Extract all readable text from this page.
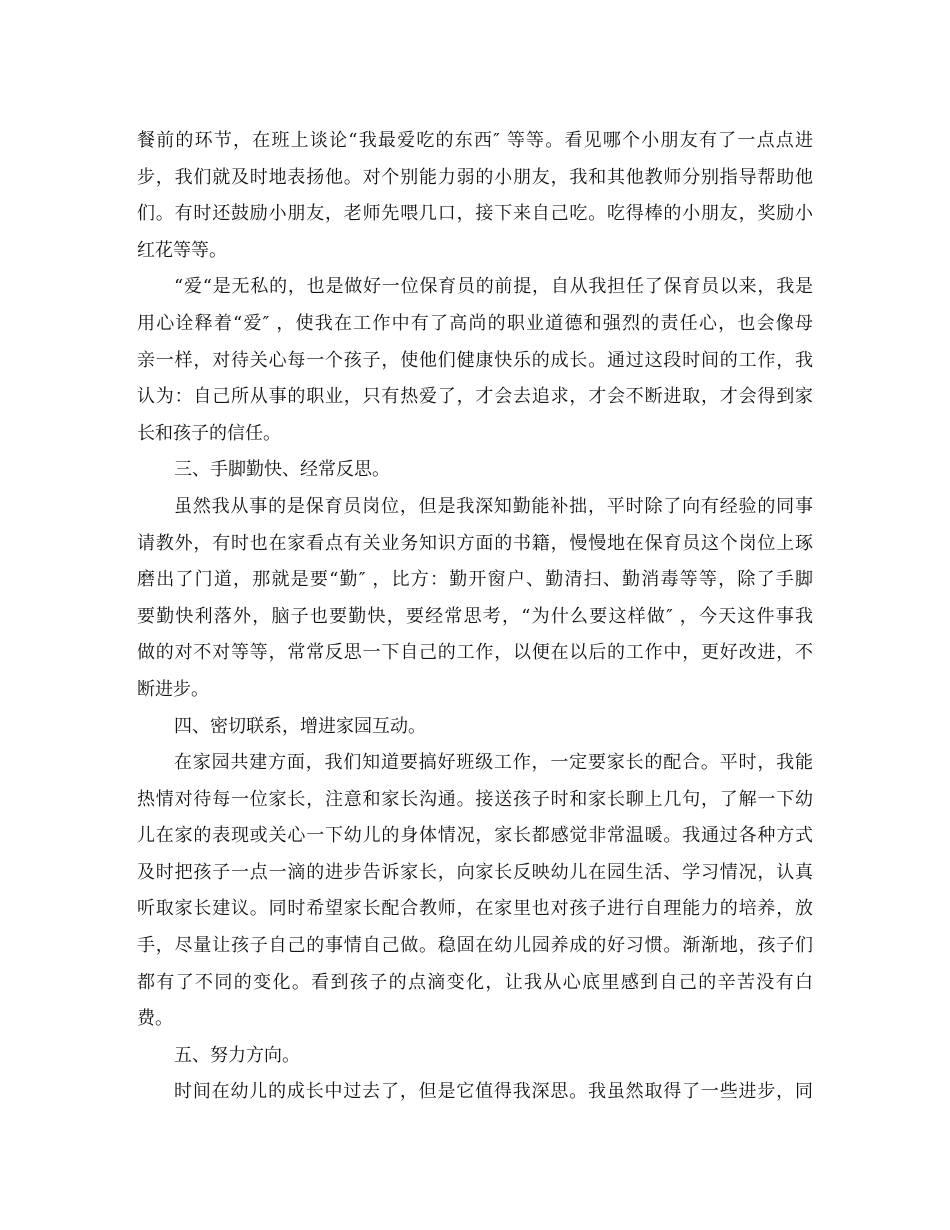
餐前的环节，在班上谈论“我最爱吃的东西″ 等等。看见哪个小朋友有了一点点进
步，我们就及时地表扬他。对个别能力弱的小朋友，我和其他教师分别指导帮助他
们。有时还鼓励小朋友，老师先喂几口，接下来自己吃。吃得棒的小朋友，奖励小
红花等等。
“爱“是无私的，也是做好一位保育员的前提，自从我担任了保育员以来，我是
用心诠释着“爱″ ，使我在工作中有了高尚的职业道德和强烈的责任心，也会像母
亲一样，对待关心每一个孩子，使他们健康快乐的成长。通过这段时间的工作，我
认为：自己所从事的职业，只有热爱了，才会去追求，才会不断进取，才会得到家
长和孩子的信任。
三、手脚勤快、经常反思。
虽然我从事的是保育员岗位，但是我深知勤能补拙，平时除了向有经验的同事
请教外，有时也在家看点有关业务知识方面的书籍，慢慢地在保育员这个岗位上琢
磨出了门道，那就是要“勤″ ，比方：勤开窗户、勤清扫、勤消毒等等，除了手脚
要勤快利落外，脑子也要勤快，要经常思考，“为什么要这样做″ ，今天这件事我
做的对不对等等，常常反思一下自己的工作，以便在以后的工作中，更好改进，不
断进步。
四、密切联系，增进家园互动。
在家园共建方面，我们知道要搞好班级工作，一定要家长的配合。平时，我能
热情对待每一位家长，注意和家长沟通。接送孩子时和家长聊上几句，了解一下幼
儿在家的表现或关心一下幼儿的身体情况，家长都感觉非常温暖。我通过各种方式
及时把孩子一点一滴的进步告诉家长，向家长反映幼儿在园生活、学习情况，认真
听取家长建议。同时希望家长配合教师，在家里也对孩子进行自理能力的培养，放
手，尽量让孩子自己的事情自己做。稳固在幼儿园养成的好习惯。渐渐地，孩子们
都有了不同的变化。看到孩子的点滴变化，让我从心底里感到自己的辛苦没有白
费。
五、努力方向。
时间在幼儿的成长中过去了，但是它值得我深思。我虽然取得了一些进步，同
